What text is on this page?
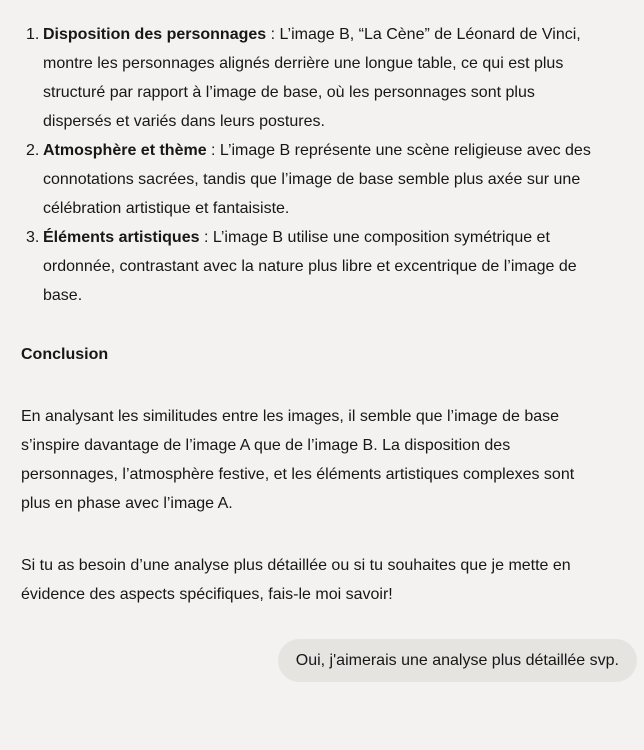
1. Disposition des personnages : L’image B, “La Cène” de Léonard de Vinci, montre les personnages alignés derrière une longue table, ce qui est plus structuré par rapport à l’image de base, où les personnages sont plus dispersés et variés dans leurs postures.
2. Atmosphère et thème : L’image B représente une scène religieuse avec des connotations sacrées, tandis que l’image de base semble plus axée sur une célébration artistique et fantaisiste.
3. Éléments artistiques : L’image B utilise une composition symétrique et ordonnée, contrastant avec la nature plus libre et excentrique de l’image de base.
Conclusion

En analysant les similitudes entre les images, il semble que l’image de base s’inspire davantage de l’image A que de l’image B. La disposition des personnages, l’atmosphère festive, et les éléments artistiques complexes sont plus en phase avec l’image A.

Si tu as besoin d’une analyse plus détaillée ou si tu souhaites que je mette en évidence des aspects spécifiques, fais-le moi savoir!

Oui, j'aimerais une analyse plus détaillée svp.
